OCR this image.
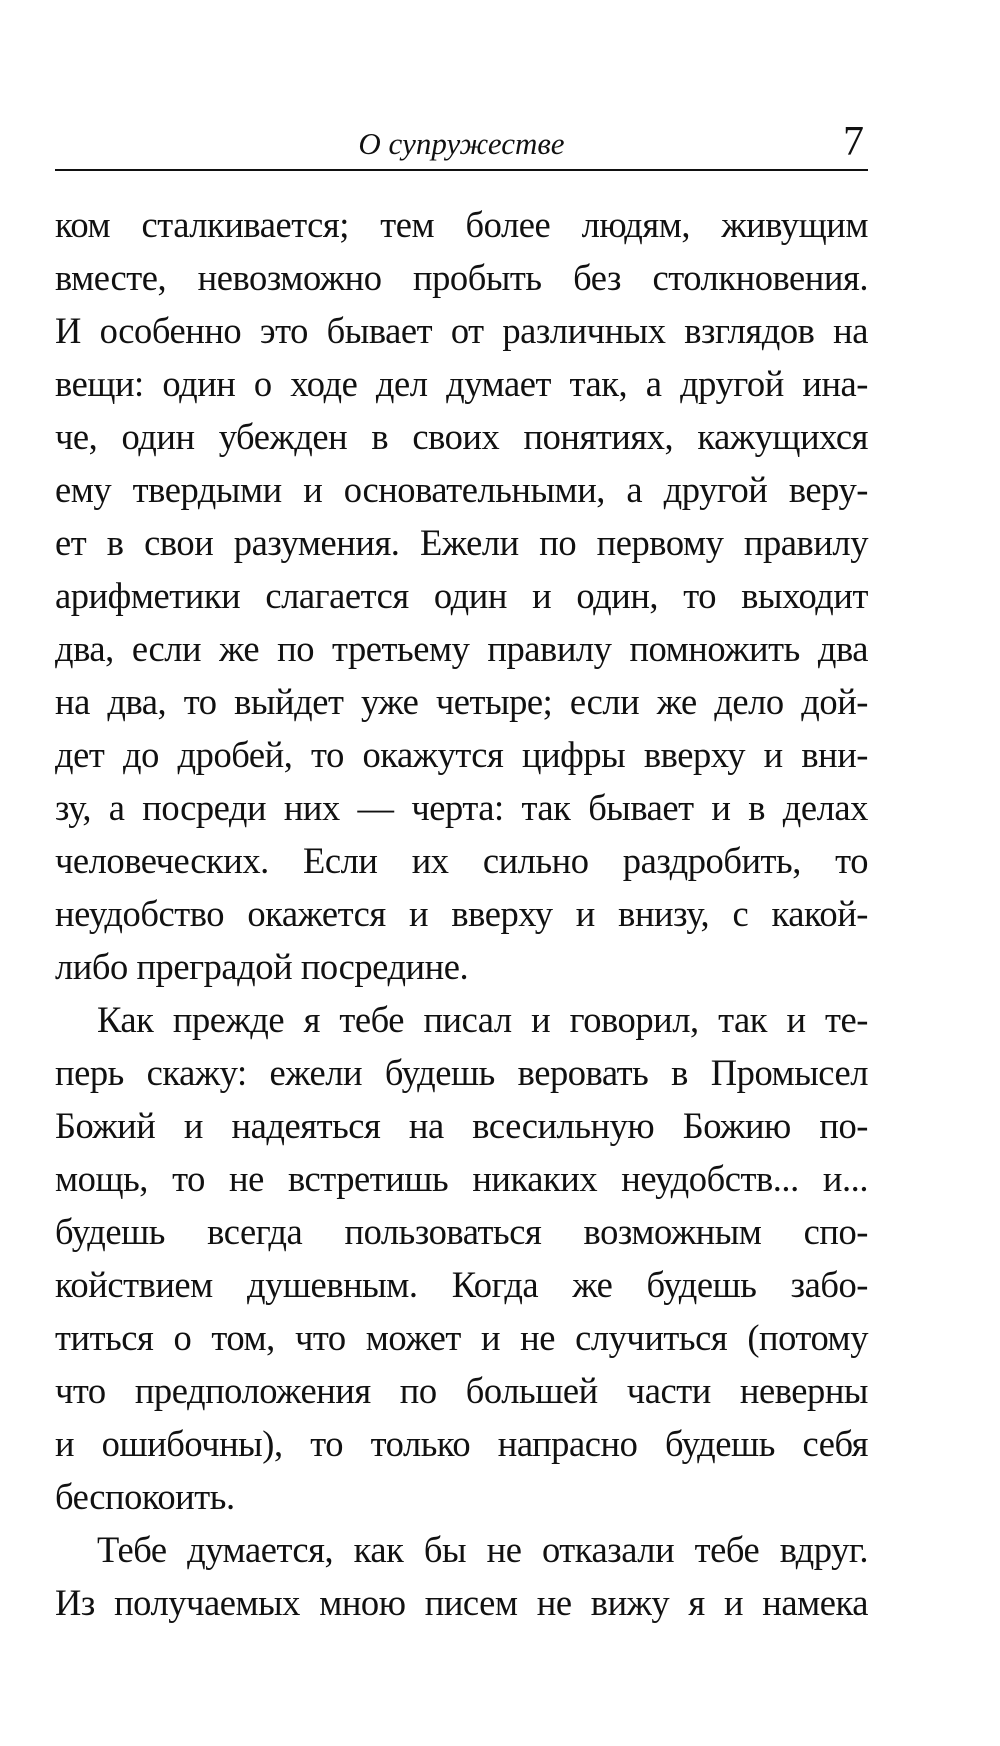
О супружестве	7
ком сталкивается; тем более людям, живущим
вместе, невозможно пробыть без столкновения.
И особенно это бывает от различных взглядов на
вещи: один о ходе дел думает так, а другой ина-
че, один убежден в своих понятиях, кажущихся
ему твердыми и основательными, а другой веру-
ет в свои разумения. Ежели по первому правилу
арифметики слагается один и один, то выходит
два, если же по третьему правилу помножить два
на два, то выйдет уже четыре; если же дело дой-
дет до дробей, то окажутся цифры вверху и вни-
зу, а посреди них — черта: так бывает и в делах
человеческих. Если их сильно раздробить, то
неудобство окажется и вверху и внизу, с какой-
либо преградой посредине.
Как прежде я тебе писал и говорил, так и те-
перь скажу: ежели будешь веровать в Промысел
Божий и надеяться на всесильную Божию по-
мощь, то не встретишь никаких неудобств... и...
будешь всегда пользоваться возможным спо-
койствием душевным. Когда же будешь забо-
титься о том, что может и не случиться (потому
что предположения по большей части неверны
и ошибочны), то только напрасно будешь себя
беспокоить.
Тебе думается, как бы не отказали тебе вдруг.
Из получаемых мною писем не вижу я и намека
